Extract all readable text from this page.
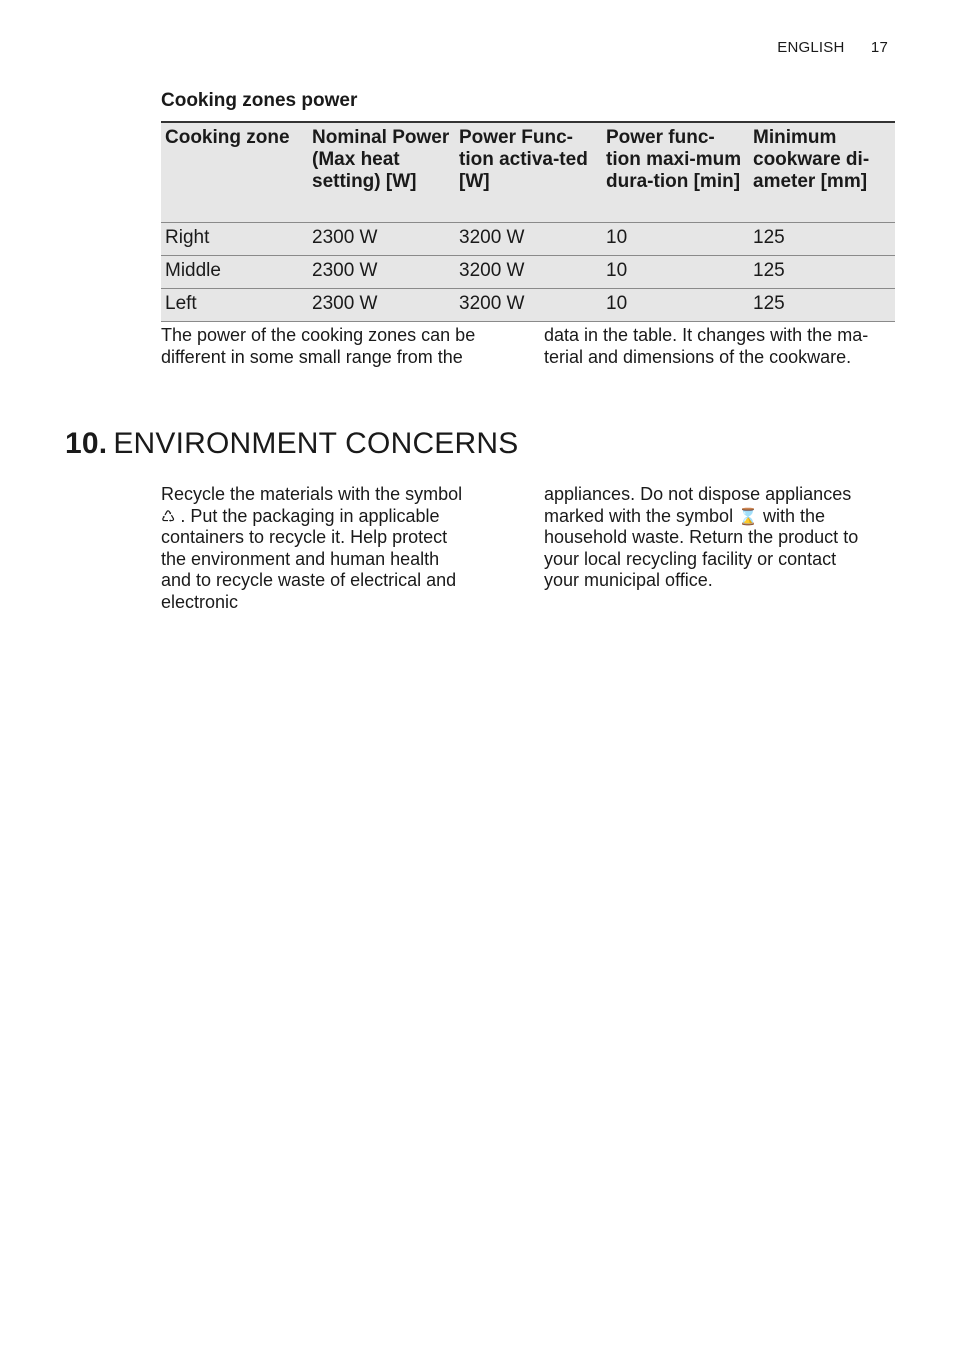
ENGLISH 17
Cooking zones power
Cooking zone	Nominal Power (Max heat setting) [W]	Power Func-tion activa-ted [W]	Power func-tion maxi-mum dura-tion [min]	Minimum cookware di-ameter [mm]
Right	2300 W	3200 W	10	125
Middle	2300 W	3200 W	10	125
Left	2300 W	3200 W	10	125
The power of the cooking zones can be different in some small range from the
data in the table. It changes with the ma-terial and dimensions of the cookware.
10. ENVIRONMENT CONCERNS
Recycle the materials with the symbol ♺ . Put the packaging in applicable containers to recycle it. Help protect the environment and human health and to recycle waste of electrical and electronic
appliances. Do not dispose appliances marked with the symbol ⌛ with the household waste. Return the product to your local recycling facility or contact your municipal office.
